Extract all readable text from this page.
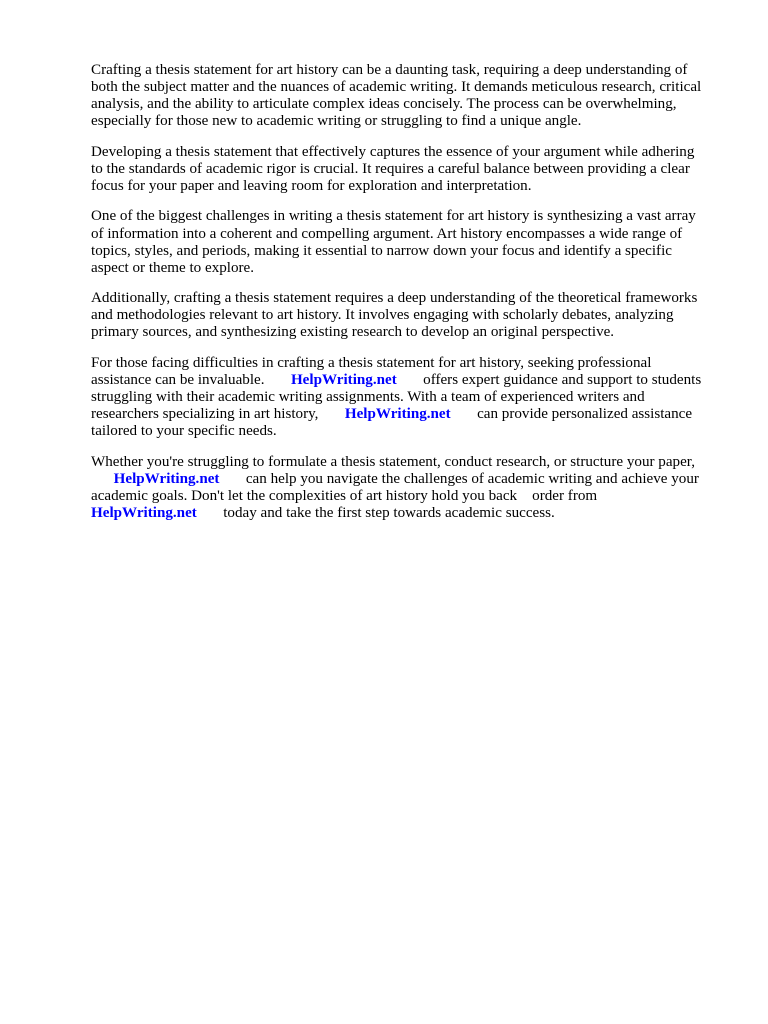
Crafting a thesis statement for art history can be a daunting task, requiring a deep understanding of
both the subject matter and the nuances of academic writing. It demands meticulous research, critical
analysis, and the ability to articulate complex ideas concisely. The process can be overwhelming,
especially for those new to academic writing or struggling to find a unique angle.

Developing a thesis statement that effectively captures the essence of your argument while adhering
to the standards of academic rigor is crucial. It requires a careful balance between providing a clear
focus for your paper and leaving room for exploration and interpretation.

One of the biggest challenges in writing a thesis statement for art history is synthesizing a vast array
of information into a coherent and compelling argument. Art history encompasses a wide range of
topics, styles, and periods, making it essential to narrow down your focus and identify a specific
aspect or theme to explore.

Additionally, crafting a thesis statement requires a deep understanding of the theoretical frameworks
and methodologies relevant to art history. It involves engaging with scholarly debates, analyzing
primary sources, and synthesizing existing research to develop an original perspective.

For those facing difficulties in crafting a thesis statement for art history, seeking professional
assistance can be invaluable. HelpWriting.net offers expert guidance and support to students
struggling with their academic writing assignments. With a team of experienced writers and
researchers specializing in art history, HelpWriting.net can provide personalized assistance
tailored to your specific needs.

Whether you're struggling to formulate a thesis statement, conduct research, or structure your paper,
HelpWriting.net can help you navigate the challenges of academic writing and achieve your
academic goals. Don't let the complexities of art history hold you back order from
HelpWriting.net today and take the first step towards academic success.
